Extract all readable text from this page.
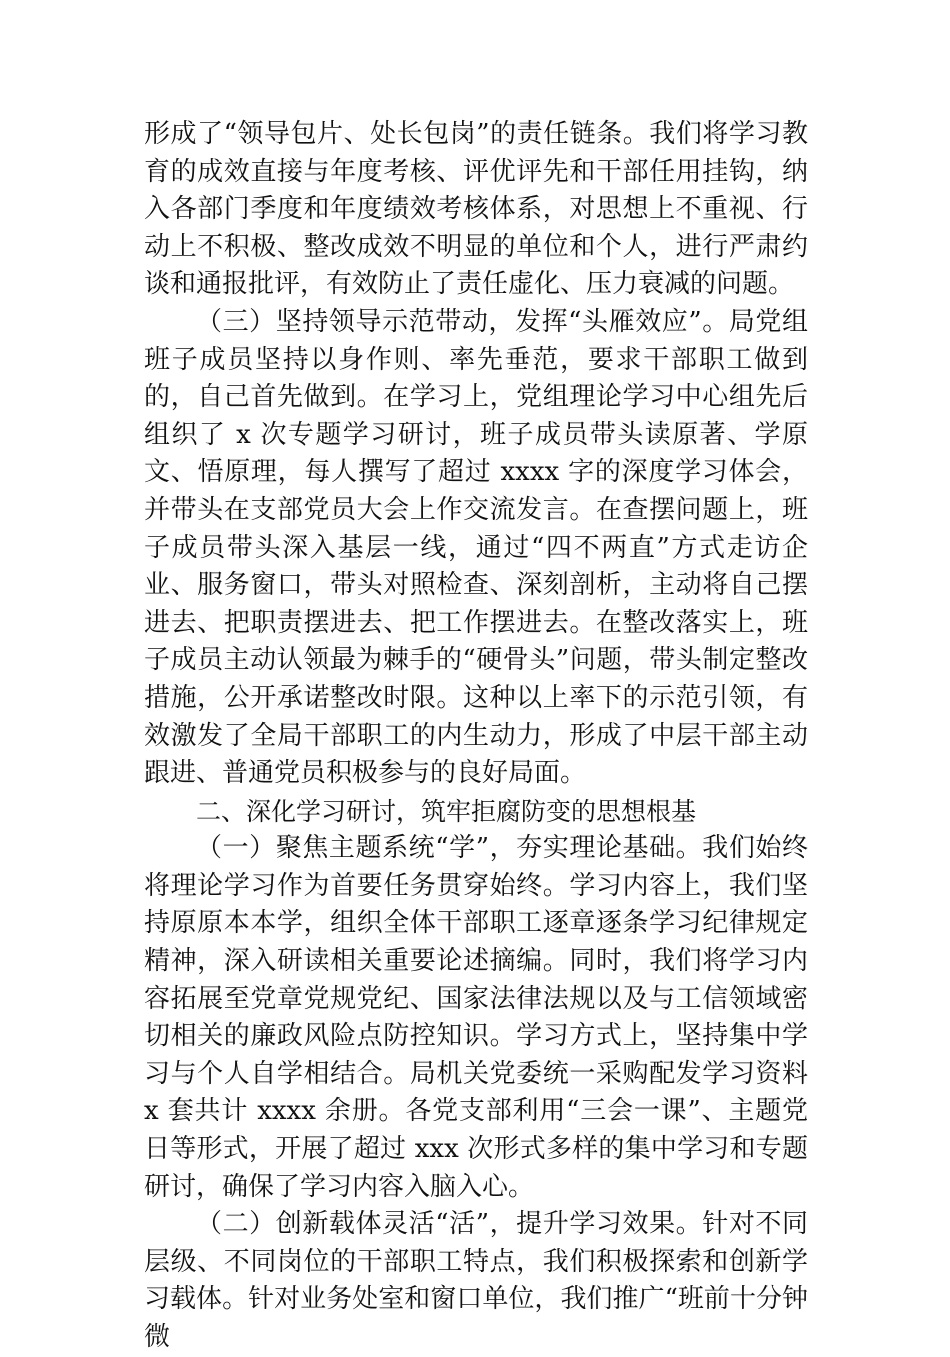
形成了“领导包片、处长包岗”的责任链条。我们将学习教育的成效直接与年度考核、评优评先和干部任用挂钩，纳入各部门季度和年度绩效考核体系，对思想上不重视、行动上不积极、整改成效不明显的单位和个人，进行严肃约谈和通报批评，有效防止了责任虚化、压力衰减的问题。

（三）坚持领导示范带动，发挥“头雁效应”。局党组班子成员坚持以身作则、率先垂范，要求干部职工做到的，自己首先做到。在学习上，党组理论学习中心组先后组织了 x 次专题学习研讨，班子成员带头读原著、学原文、悟原理，每人撰写了超过 xxxx 字的深度学习体会，并带头在支部党员大会上作交流发言。在查摆问题上，班子成员带头深入基层一线，通过“四不两直”方式走访企业、服务窗口，带头对照检查、深刻剖析，主动将自己摆进去、把职责摆进去、把工作摆进去。在整改落实上，班子成员主动认领最为棘手的“硬骨头”问题，带头制定整改措施，公开承诺整改时限。这种以上率下的示范引领，有效激发了全局干部职工的内生动力，形成了中层干部主动跟进、普通党员积极参与的良好局面。

二、深化学习研讨，筑牢拒腐防变的思想根基

（一）聚焦主题系统“学”，夯实理论基础。我们始终将理论学习作为首要任务贯穿始终。学习内容上，我们坚持原原本本学，组织全体干部职工逐章逐条学习纪律规定精神，深入研读相关重要论述摘编。同时，我们将学习内容拓展至党章党规党纪、国家法律法规以及与工信领域密切相关的廉政风险点防控知识。学习方式上，坚持集中学习与个人自学相结合。局机关党委统一采购配发学习资料 x 套共计 xxxx 余册。各党支部利用“三会一课”、主题党日等形式，开展了超过 xxx 次形式多样的集中学习和专题研讨，确保了学习内容入脑入心。

（二）创新载体灵活“活”，提升学习效果。针对不同层级、不同岗位的干部职工特点，我们积极探索和创新学习载体。针对业务处室和窗口单位，我们推广“班前十分钟微
